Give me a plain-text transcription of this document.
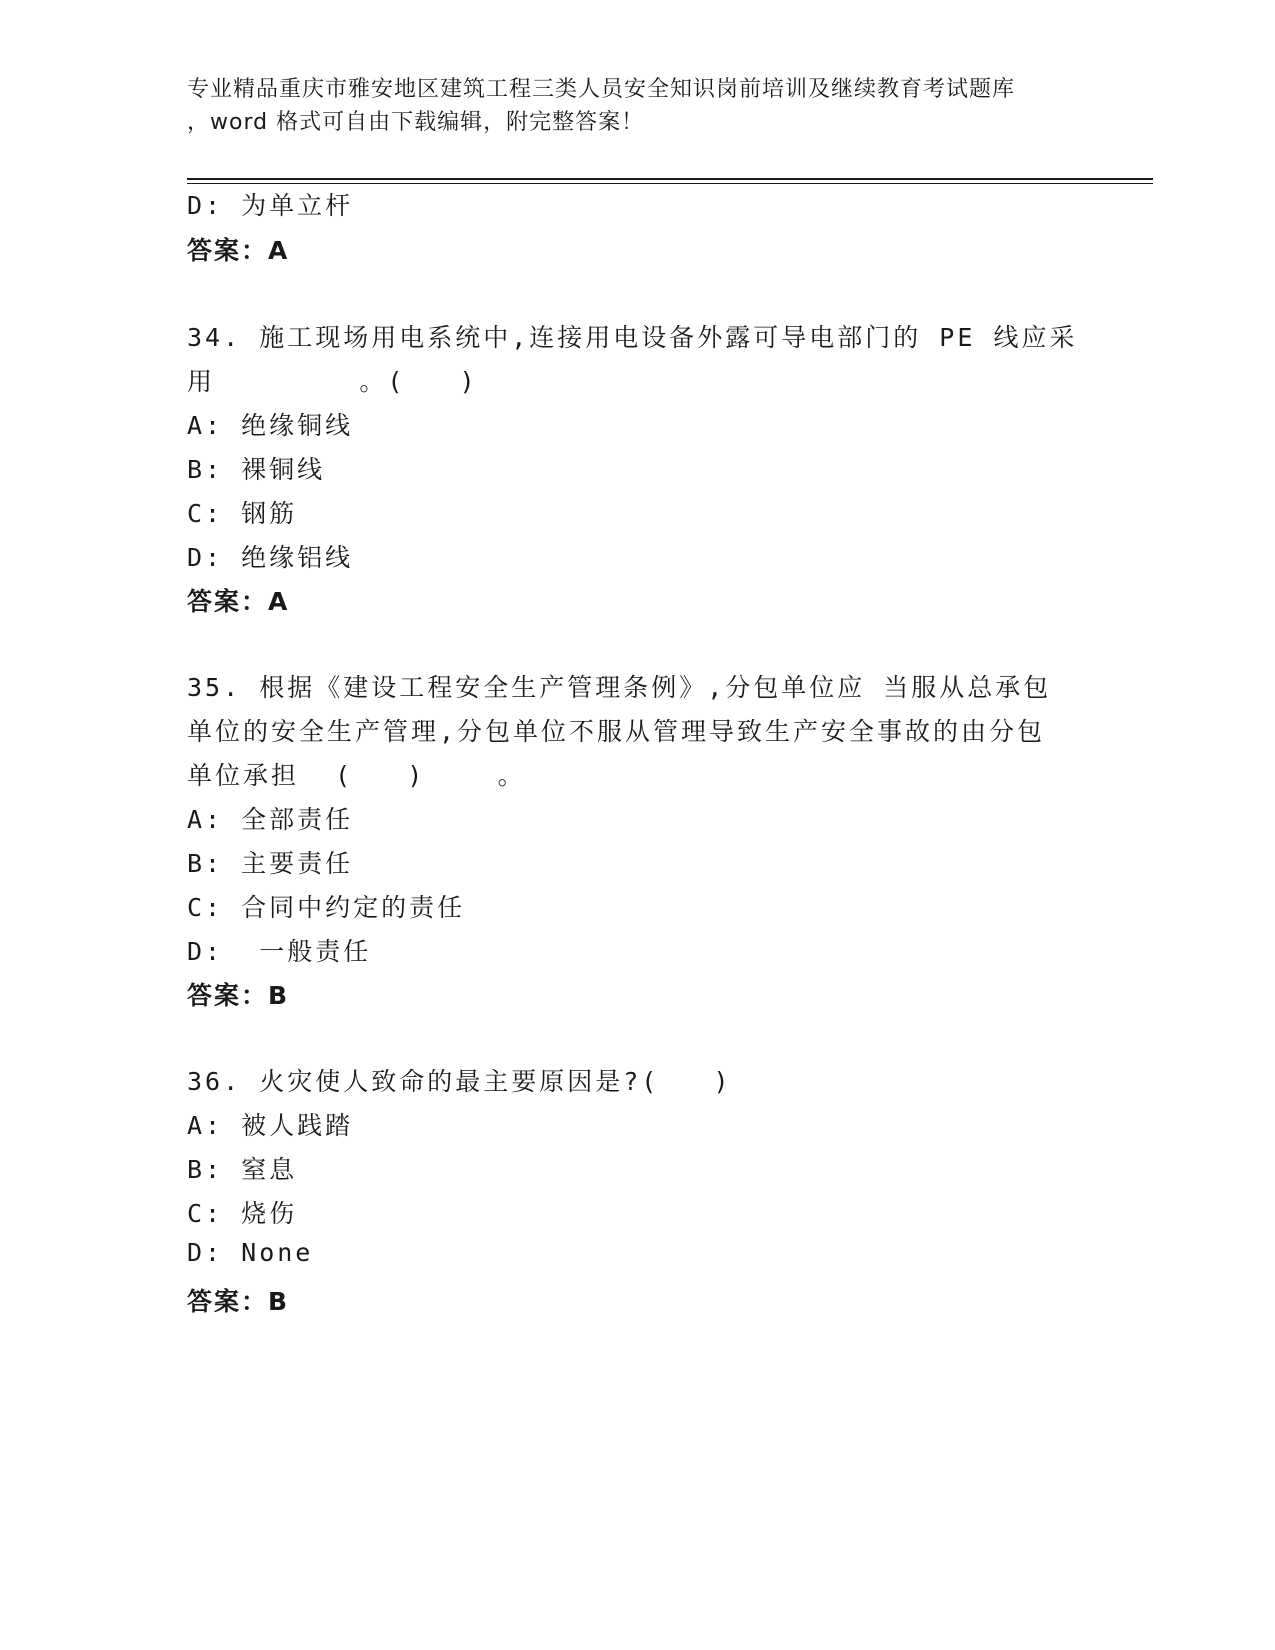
专业精品重庆市雅安地区建筑工程三类人员安全知识岗前培训及继续教育考试题库
，word 格式可自由下载编辑，附完整答案！
D: 为单立杆
答案：A
34. 施工现场用电系统中,连接用电设备外露可导电部门的 PE 线应采
用        。(   )
A: 绝缘铜线
B: 裸铜线
C: 钢筋
D: 绝缘铝线
答案：A
35. 根据《建设工程安全生产管理条例》,分包单位应 当服从总承包
单位的安全生产管理,分包单位不服从管理导致生产安全事故的由分包
单位承担  (   )    。
A: 全部责任
B: 主要责任
C: 合同中约定的责任
D:  一般责任
答案：B
36. 火灾使人致命的最主要原因是?(   )
A: 被人践踏
B: 窒息
C: 烧伤
D: None
答案：B
